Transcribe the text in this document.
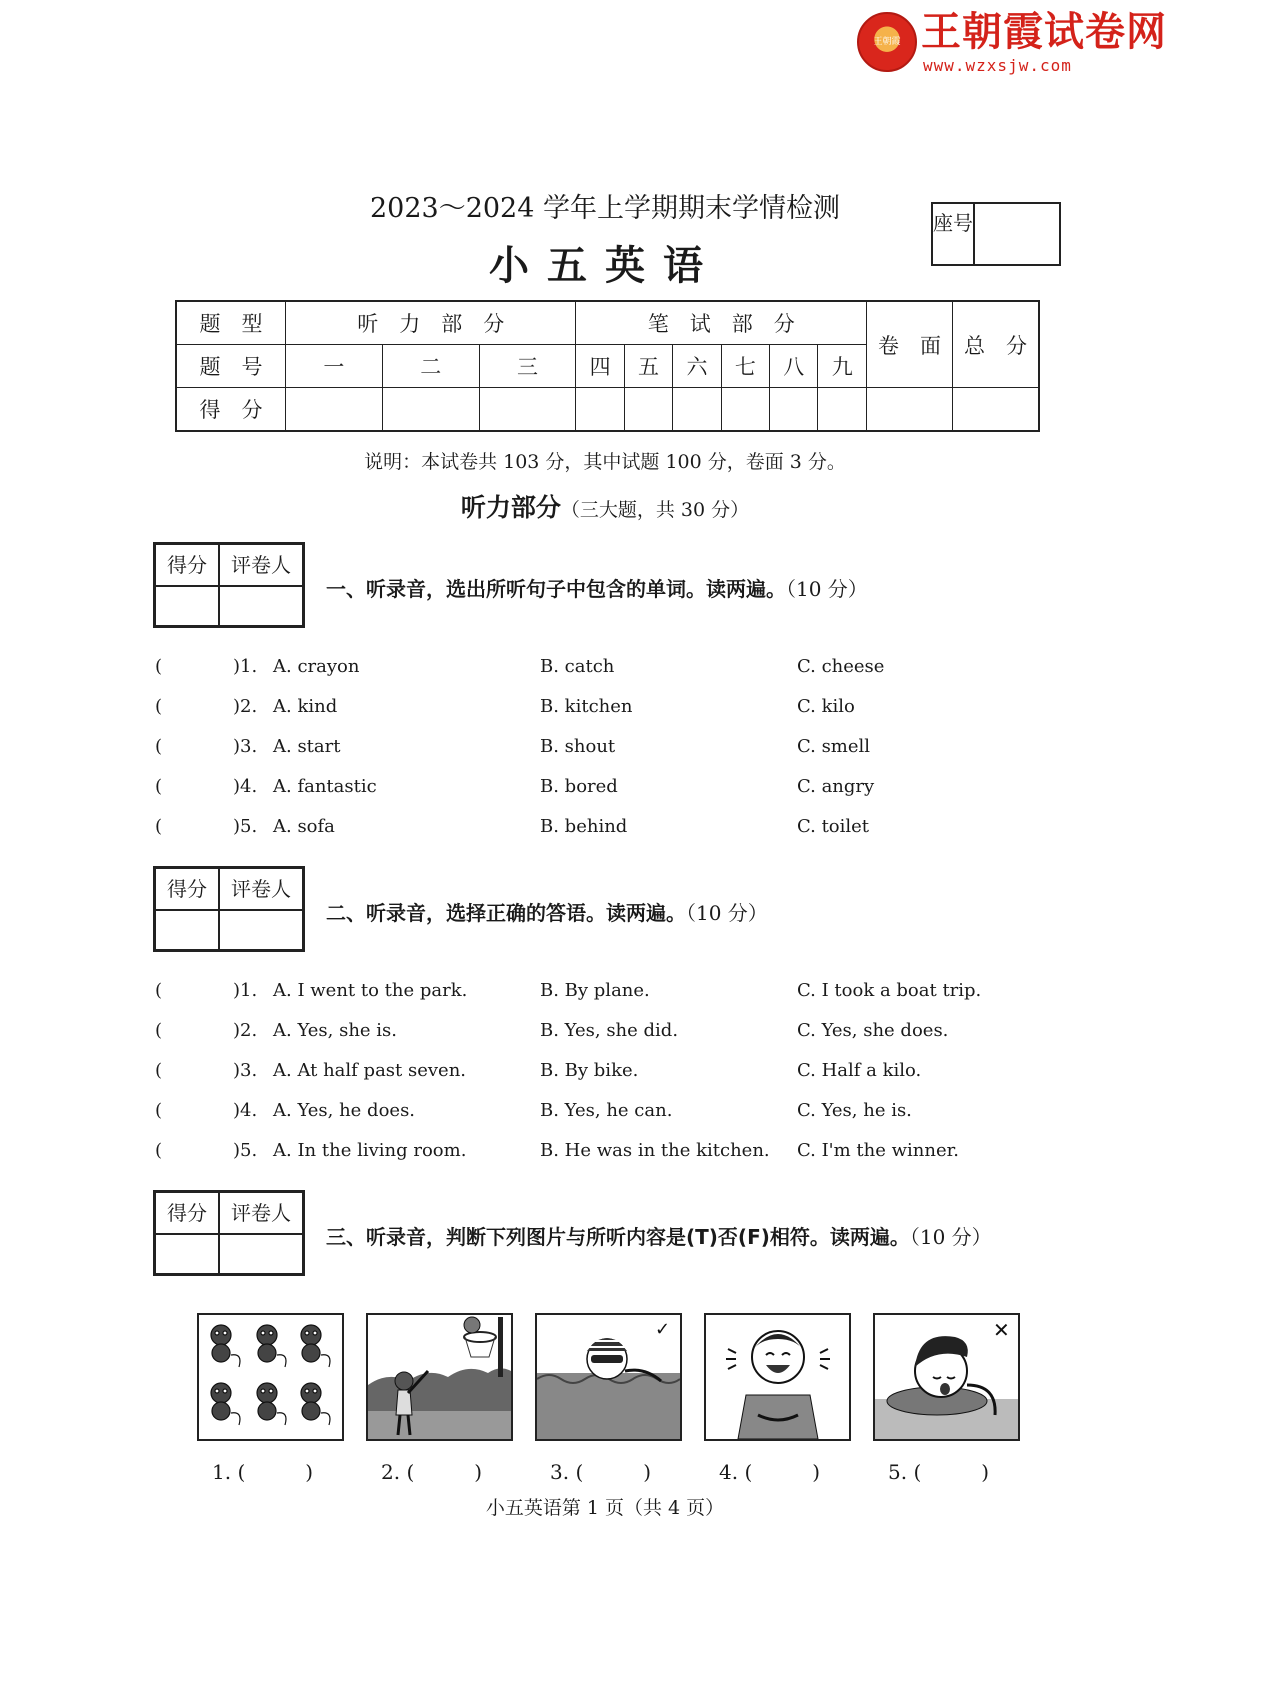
王朝霞 王朝霞试卷网
www.wzxsjw.com
2023～2024 学年上学期期末学情检测
小五英语
座号
题　型	听　力　部　分			笔　试　部　分						卷　面	总　分
题　号	一	二	三	四	五	六	七	八	九		
得　分											
说明：本试卷共 103 分，其中试题 100 分，卷面 3 分。
听力部分（三大题，共 30 分）
得分	评卷人
一、听录音，选出所听句子中包含的单词。读两遍。（10 分）
(	)1. A. crayon	B. catch	C. cheese
(	)2. A. kind	B. kitchen	C. kilo
(	)3. A. start	B. shout	C. smell
(	)4. A. fantastic	B. bored	C. angry
(	)5. A. sofa	B. behind	C. toilet
得分	评卷人
二、听录音，选择正确的答语。读两遍。（10 分）
(	)1. A. I went to the park.	B. By plane.	C. I took a boat trip.
(	)2. A. Yes, she is.	B. Yes, she did.	C. Yes, she does.
(	)3. A. At half past seven.	B. By bike.	C. Half a kilo.
(	)4. A. Yes, he does.	B. Yes, he can.	C. Yes, he is.
(	)5. A. In the living room.	B. He was in the kitchen. C. I'm the winner.
得分	评卷人
三、听录音，判断下列图片与所听内容是(T)否(F)相符。读两遍。（10 分）
✓	✕
1. (　　　)	2. (　　　)	3. (　　　)	4. (　　　)	5. (　　　)
小五英语第 1 页（共 4 页）
